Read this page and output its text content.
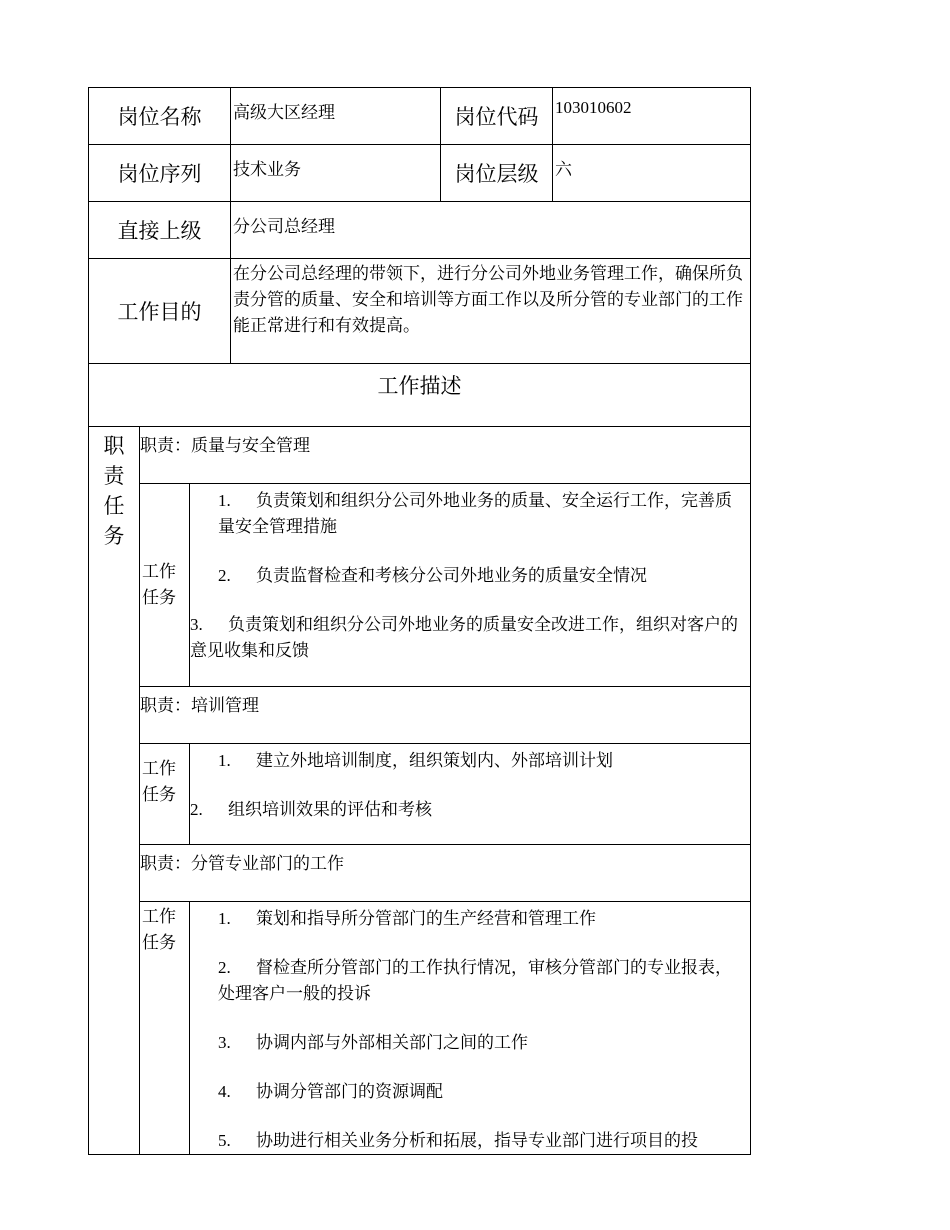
岗位名称			高级大区经理	岗位代码	103010602
岗位序列			技术业务	岗位层级	六
直接上级			分公司总经理		
工作目的			在分公司总经理的带领下，进行分公司外地业务管理工作，确保所负责分管的质量、安全和培训等方面工作以及所分管的专业部门的工作能正常进行和有效提高。		
工作描述					

职
责
任
务	职责：质量与安全管理				
	工作任务	1. 负责策划和组织分公司外地业务的质量、安全运行工作，完善质量安全管理措施
2. 负责监督检查和考核分公司外地业务的质量安全情况
3. 负责策划和组织分公司外地业务的质量安全改进工作，组织对客户的意见收集和反馈			

	职责：培训管理				
	工作任务	1. 建立外地培训制度，组织策划内、外部培训计划
2. 组织培训效果的评估和考核			

	职责：分管专业部门的工作				
	工作任务	1. 策划和指导所分管部门的生产经营和管理工作
2. 督检查所分管部门的工作执行情况，审核分管部门的专业报表，处理客户一般的投诉
3. 协调内部与外部相关部门之间的工作
4. 协调分管部门的资源调配
5. 协助进行相关业务分析和拓展，指导专业部门进行项目的投			
